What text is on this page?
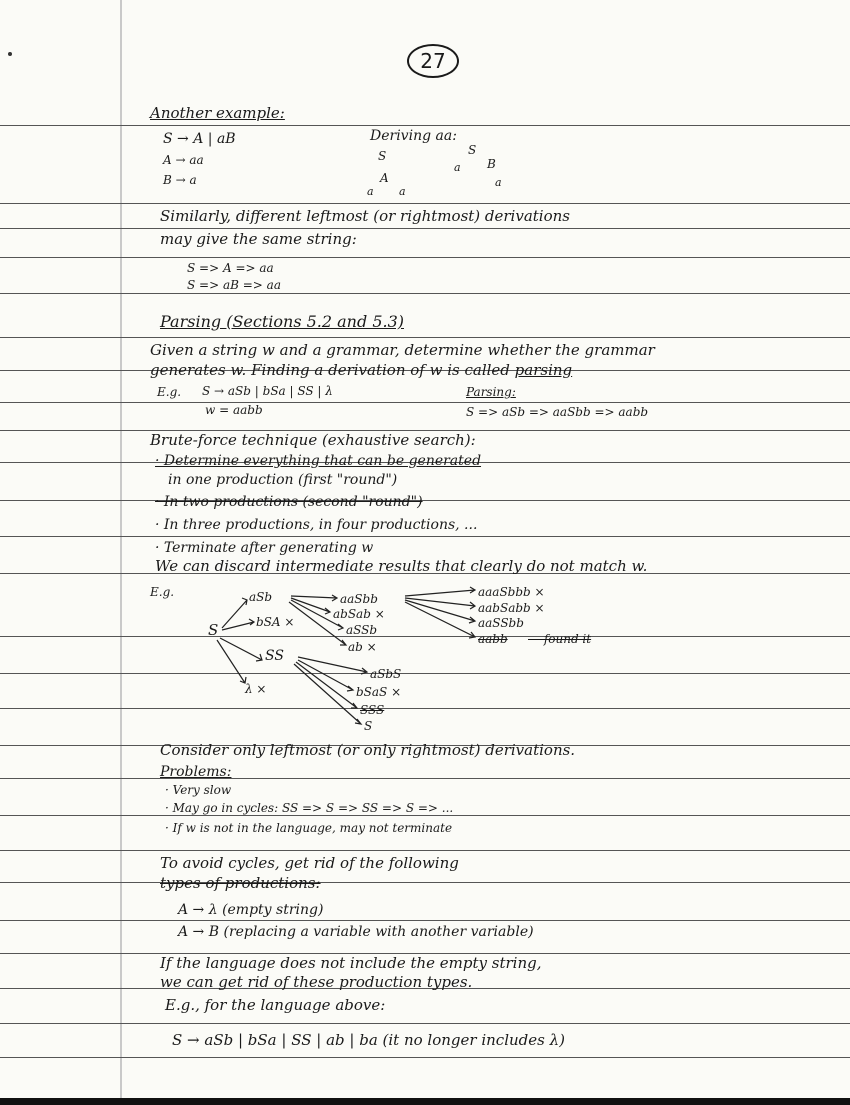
27
Another example:
S → A | aB
A → aa
B → a
Deriving aa:
S
A
a a
S
a B
a
Similarly, different leftmost (or rightmost) derivations
may give the same string:
S => A => aa
S => aB => aa
Parsing (Sections 5.2 and 5.3)
Given a string w and a grammar, determine whether the grammar
generates w. Finding a derivation of w is called parsing
E.g. S → aSb | bSa | SS | λ
w = aabb
Parsing:
S => aSb => aaSbb => aabb
Brute-force technique (exhaustive search):
· Determine everything that can be generated
in one production (first "round")
· In two productions (second "round")
· In three productions, in four productions, ...
· Terminate after generating w
We can discard intermediate results that clearly do not match w.
E.g.
S
aSb
bSA ×
SS
λ ×
aaSbb
abSab ×
aSSb
ab ×
aaaSbbb ×
aabSabb ×
aaSSbb
aabb — found it
aSbS
bSaS ×
SSS
S
Consider only leftmost (or only rightmost) derivations.
Problems:
· Very slow
· May go in cycles: SS => S => SS => S => ...
· If w is not in the language, may not terminate
To avoid cycles, get rid of the following
types of productions:
A → λ (empty string)
A → B (replacing a variable with another variable)
If the language does not include the empty string,
we can get rid of these production types.
E.g., for the language above:
S → aSb | bSa | SS | ab | ba (it no longer includes λ)
